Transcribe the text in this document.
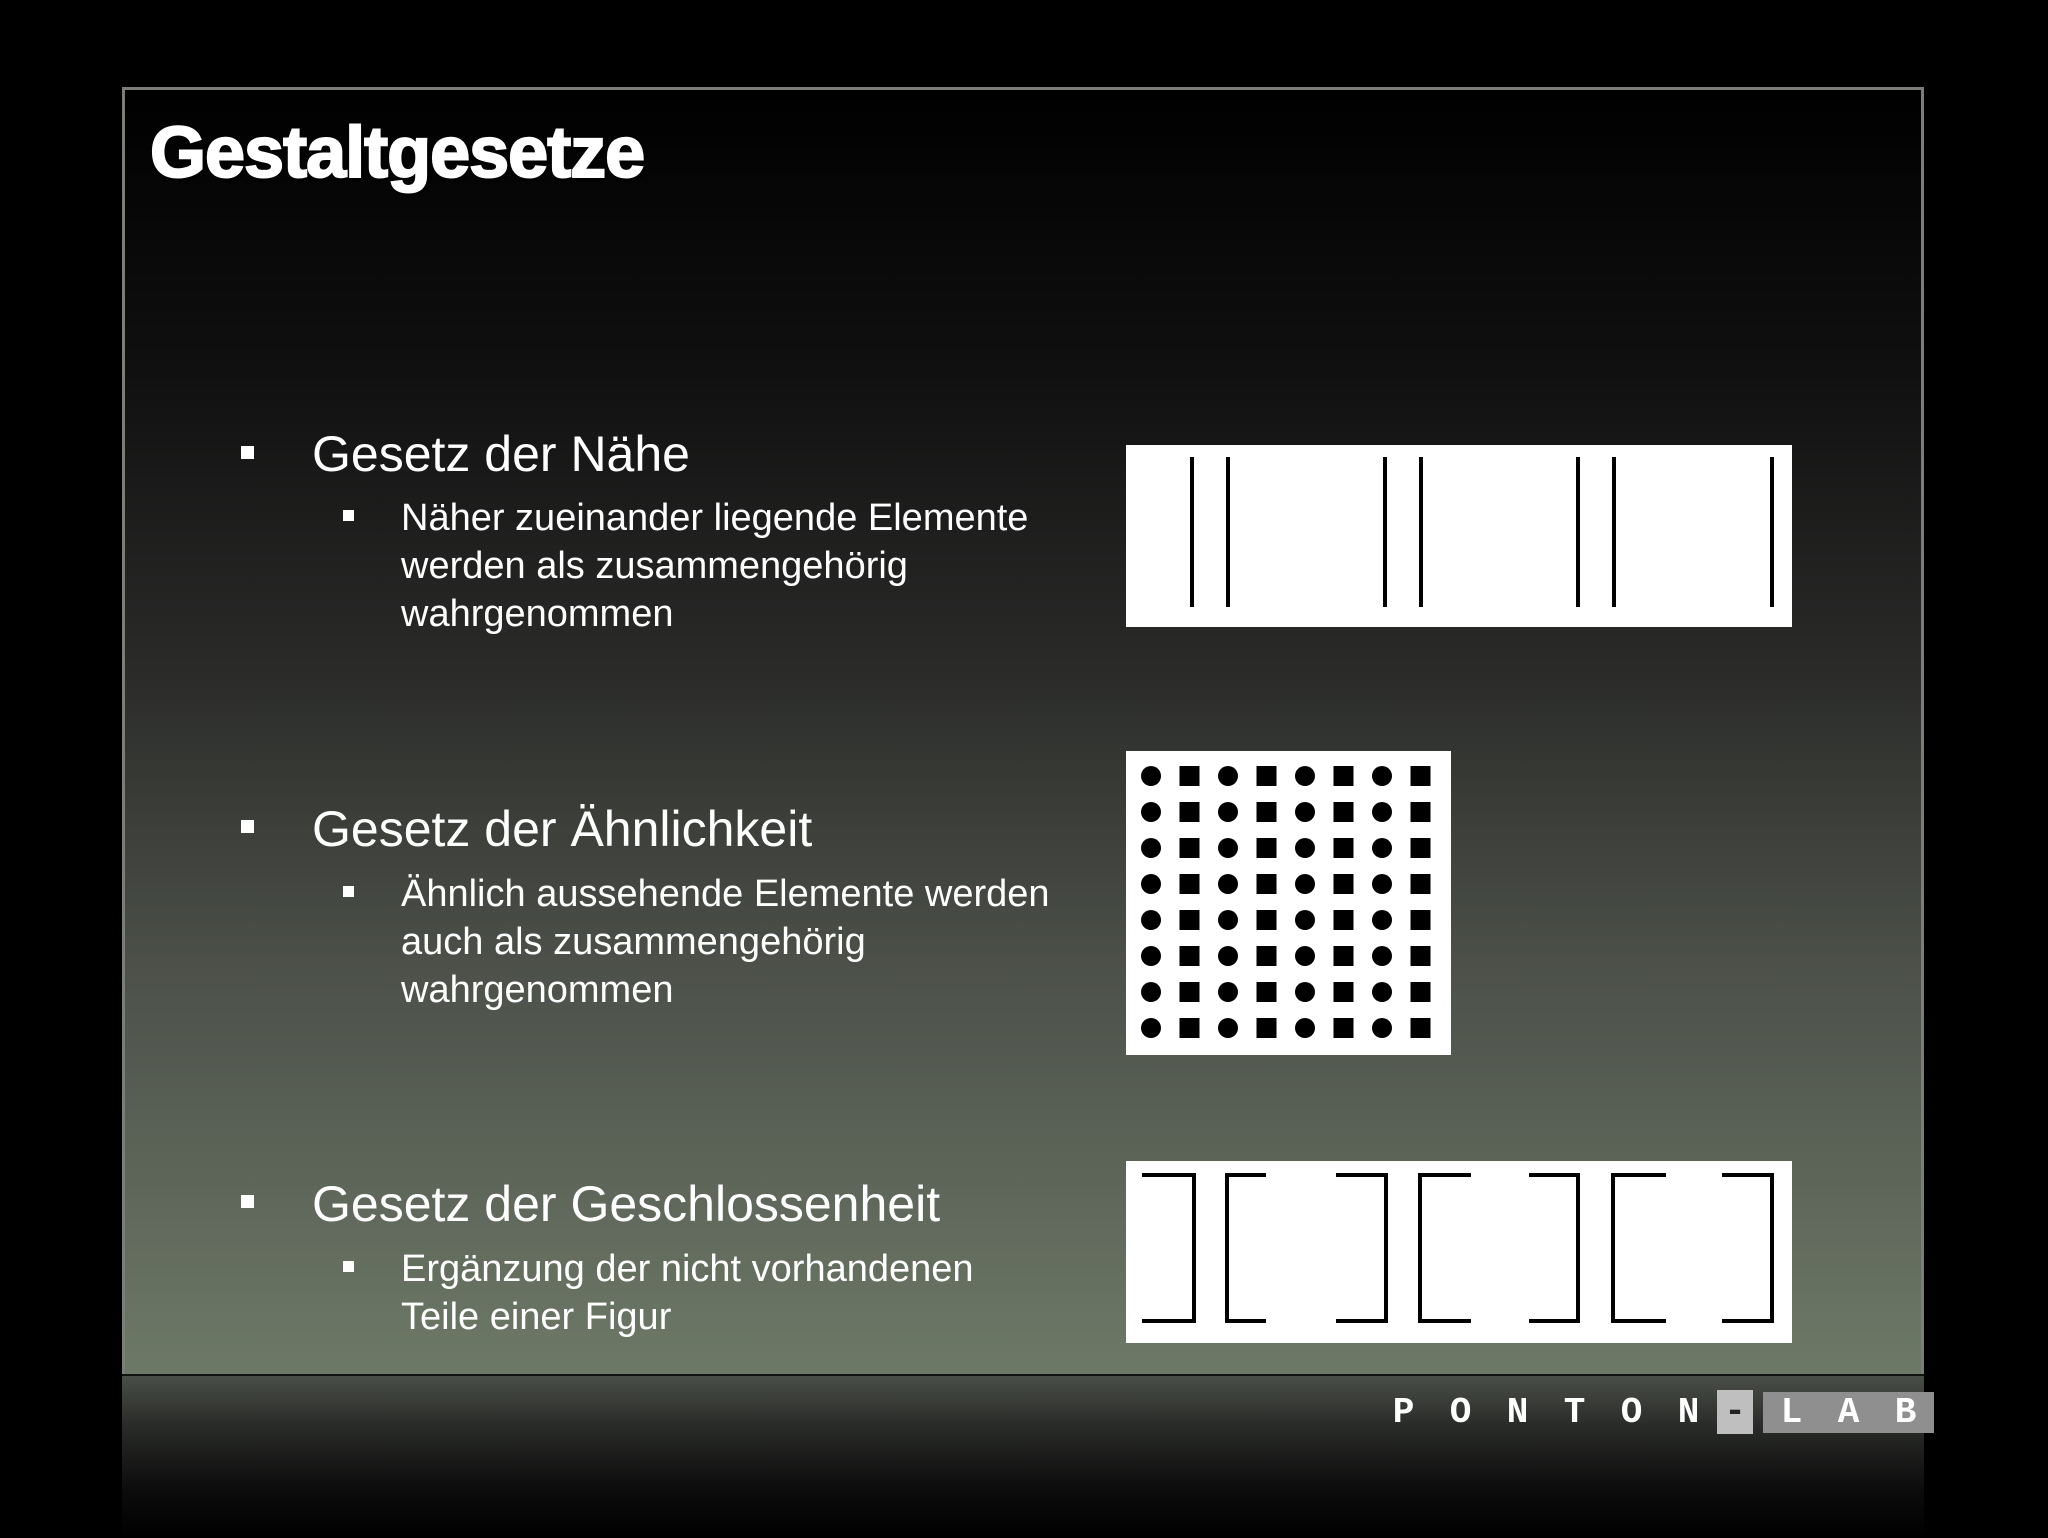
Gestaltgesetze
Gesetz der Nähe
Näher zueinander liegende Elemente
werden als zusammengehörig
wahrgenommen
Gesetz der Ähnlichkeit
Ähnlich aussehende Elemente werden
auch als zusammengehörig
wahrgenommen
Gesetz der Geschlossenheit
Ergänzung der nicht vorhandenen
Teile einer Figur
P O N T O N - L A B
